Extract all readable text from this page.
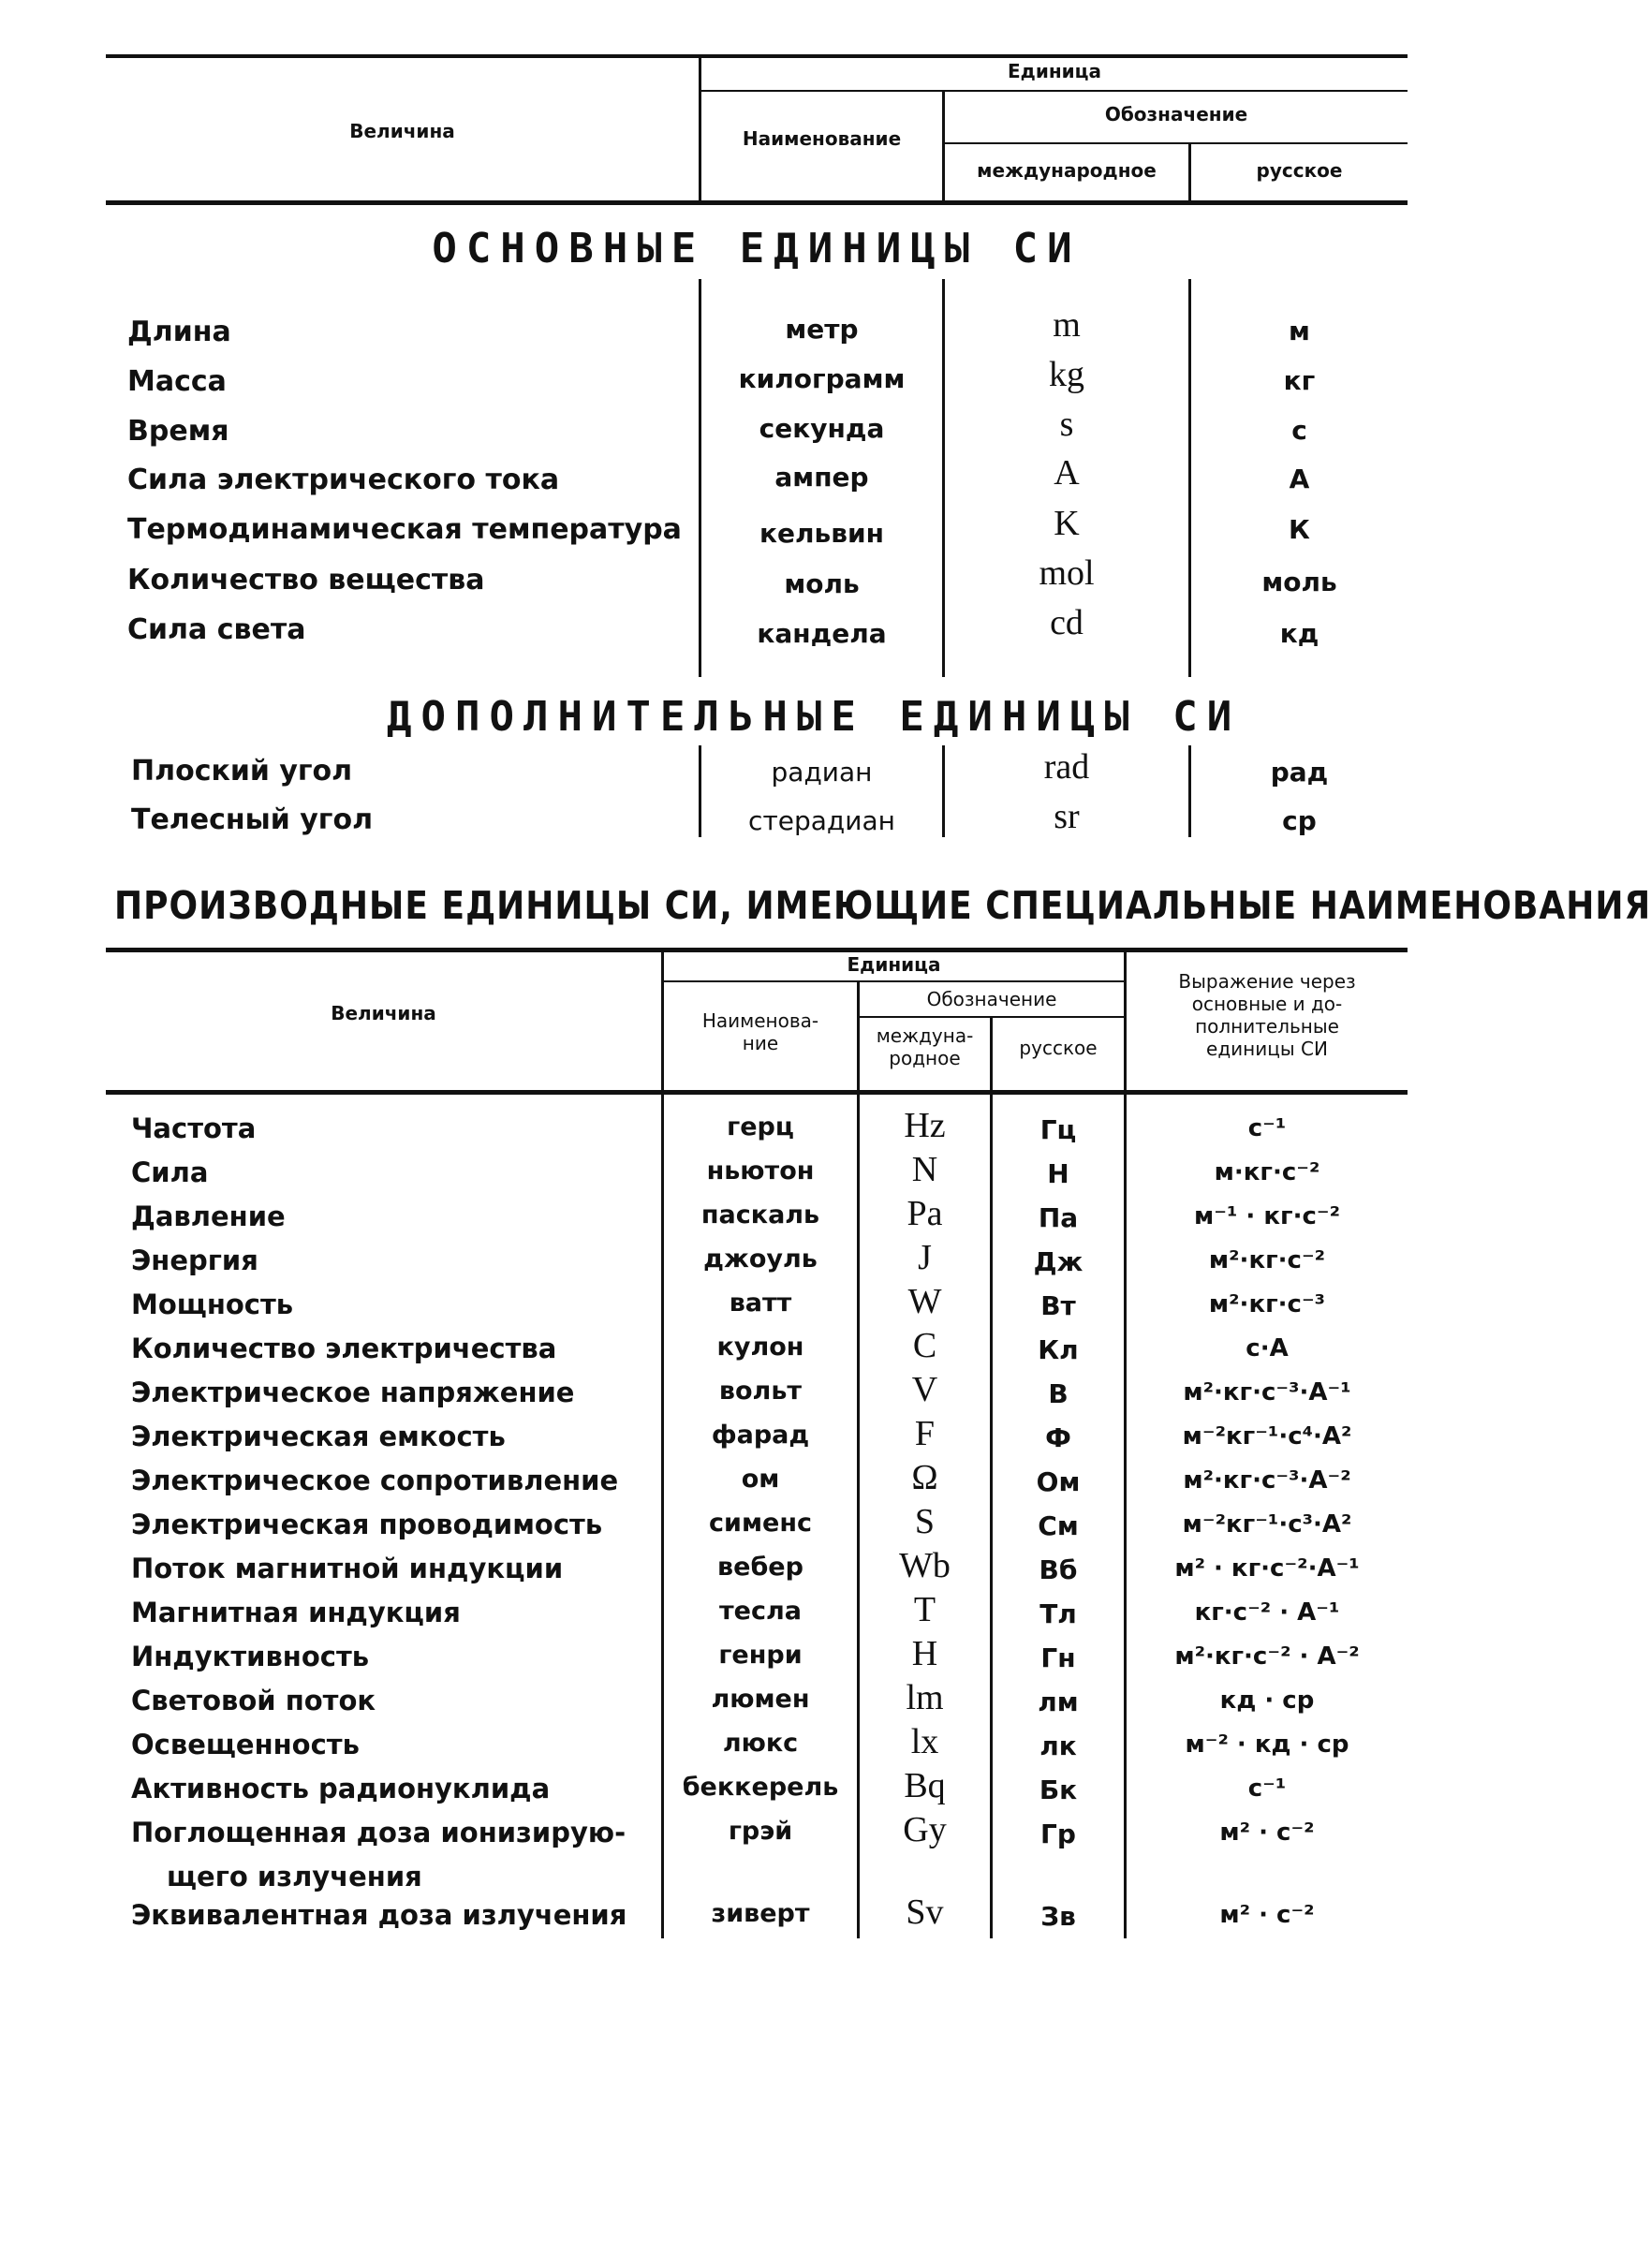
Величина
Единица
Наименование
Обозначение
международное	русское
ОСНОВНЫЕ ЕДИНИЦЫ СИ
Длина	метр	m	м
Масса	килограмм	kg	кг
Время	секунда	s	с
Сила электрического тока	ампер	A	А
Термодинамическая температура	кельвин	K	К
Количество вещества	моль	mol	моль
Сила света	кандела	cd	кд
ДОПОЛНИТЕЛЬНЫЕ ЕДИНИЦЫ СИ
Плоский угол	радиан	rad	рад
Телесный угол	стерадиан	sr	ср
ПРОИЗВОДНЫЕ ЕДИНИЦЫ СИ, ИМЕЮЩИЕ СПЕЦИАЛЬНЫЕ НАИМЕНОВАНИЯ
Величина
Единица
Наименова-
ние
Обозначение
междуна-
родное	русское
Выражение через
основные и до-
полнительные
единицы СИ
Частота	герц	Hz	Гц	с⁻¹
Сила	ньютон	N	Н	м·кг·с⁻²
Давление	паскаль	Pa	Па	м⁻¹ · кг·с⁻²
Энергия	джоуль	J	Дж	м²·кг·с⁻²
Мощность	ватт	W	Вт	м²·кг·с⁻³
Количество электричества	кулон	C	Кл	с·А
Электрическое напряжение	вольт	V	В	м²·кг·с⁻³·А⁻¹
Электрическая емкость	фарад	F	Ф	м⁻²кг⁻¹·с⁴·А²
Электрическое сопротивление	ом	Ω	Ом	м²·кг·с⁻³·А⁻²
Электрическая проводимость	сименс	S	См	м⁻²кг⁻¹·с³·А²
Поток магнитной индукции	вебер	Wb	Вб	м² · кг·с⁻²·А⁻¹
Магнитная индукция	тесла	T	Тл	кг·с⁻² · А⁻¹
Индуктивность	генри	H	Гн	м²·кг·с⁻² · А⁻²
Световой поток	люмен	lm	лм	кд · ср
Освещенность	люкс	lx	лк	м⁻² · кд · ср
Активность радионуклида	беккерель	Bq	Бк	с⁻¹
Поглощенная доза ионизирую-	грэй	Gy	Гр	м² · с⁻²
щего излучения
Эквивалентная доза излучения	зиверт	Sv	Зв	м² · с⁻²
